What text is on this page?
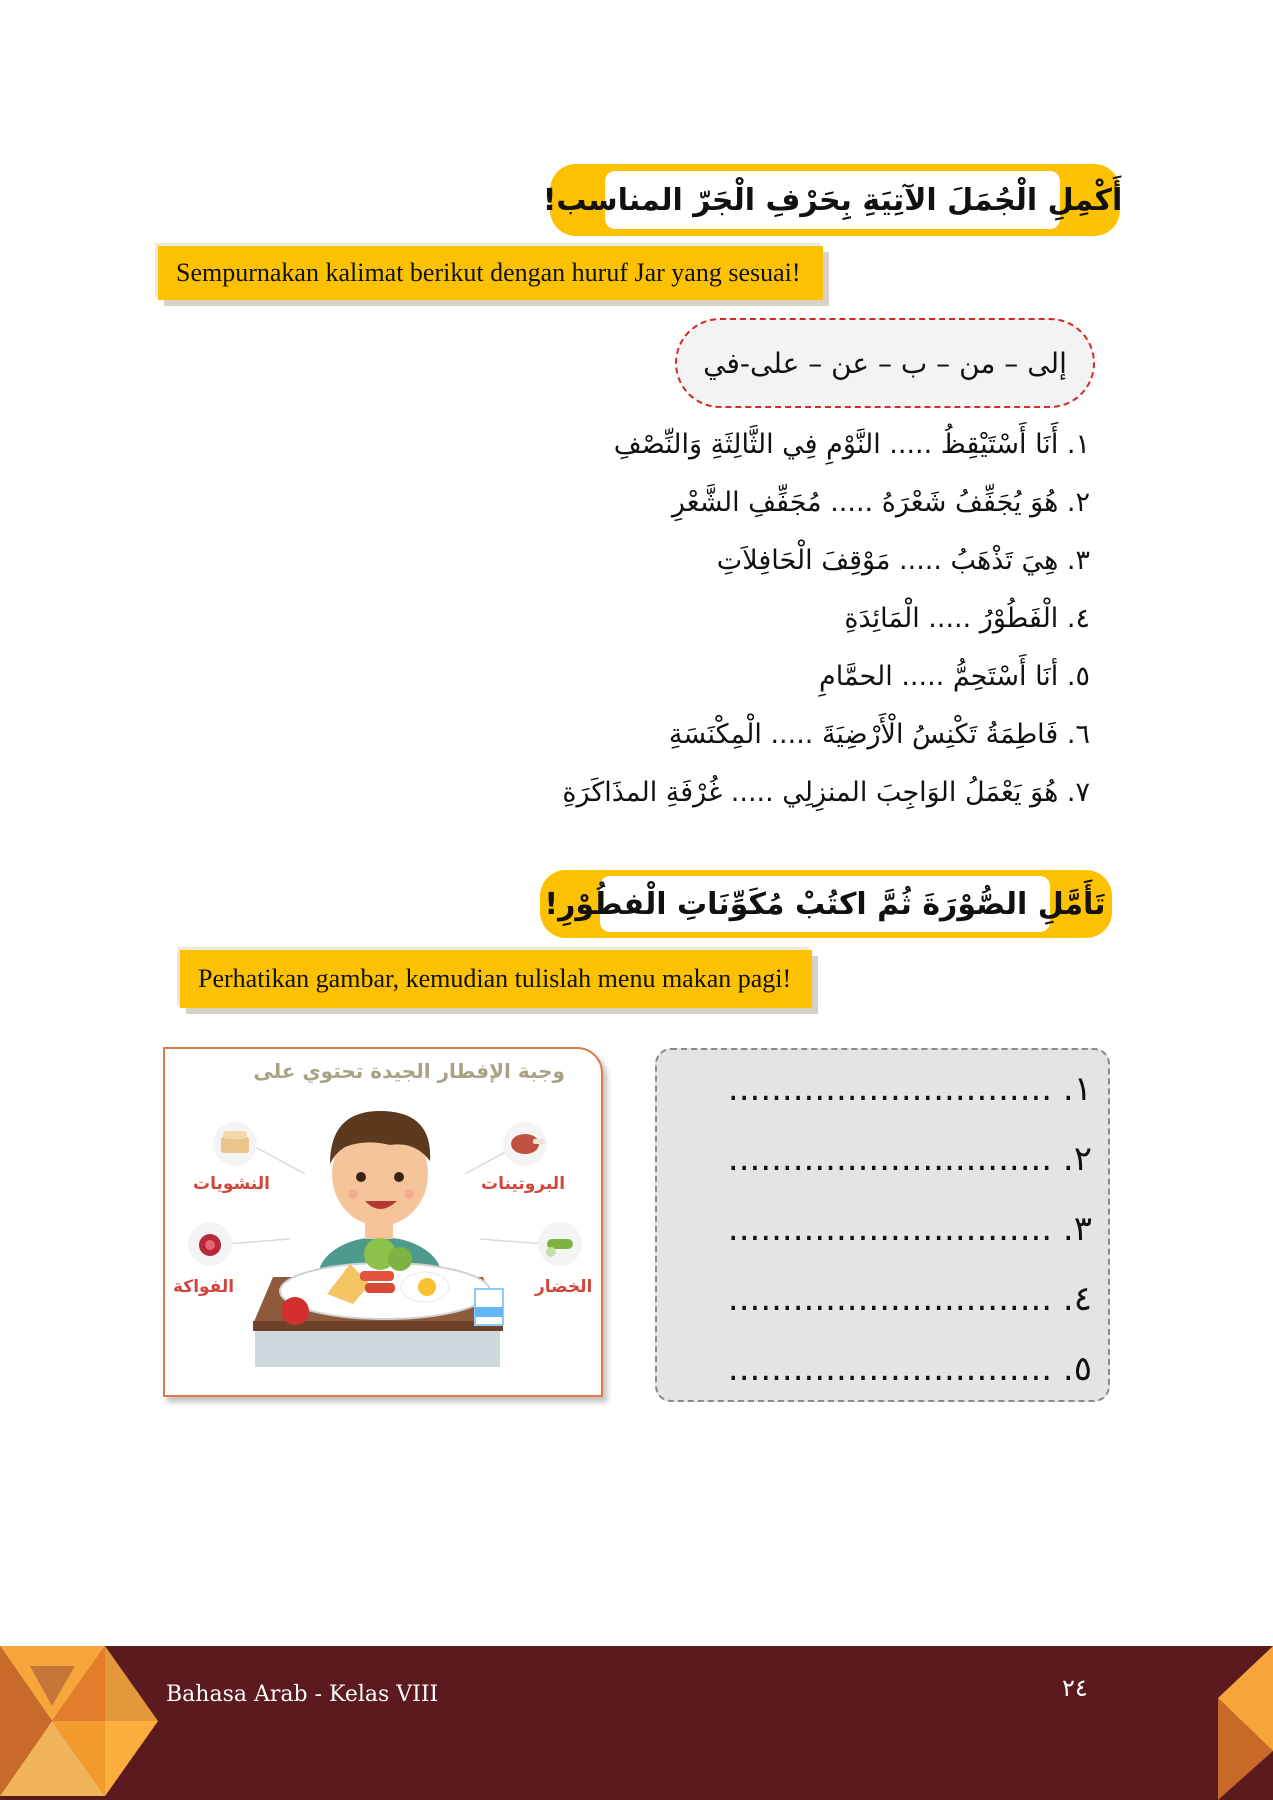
أَكْمِلِ الْجُمَلَ الآتِيَةِ بِحَرْفِ الْجَرّ المناسب!
Sempurnakan kalimat berikut dengan huruf Jar yang sesuai!
إلى – من – ب – عن – على-في
١. أَنَا أَسْتَيْقِظُ ..... النَّوْمِ فِي الثَّالِثَةِ وَالنِّصْفِ
٢. هُوَ يُجَفِّفُ شَعْرَهُ ..... مُجَفِّفِ الشَّعْرِ
٣. هِيَ تَذْهَبُ ..... مَوْقِفَ الْحَافِلاَتِ
٤. الْفَطُوْرُ ..... الْمَائِدَةِ
٥. أنَا أَسْتَحِمُّ ..... الحمَّامِ
٦. فَاطِمَةُ تَكْنِسُ الْأَرْضِيَةَ ..... الْمِكْنَسَةِ
٧. هُوَ يَعْمَلُ الوَاجِبَ المنزِلِي ..... غُرْفَةِ المذَاكَرَةِ
تَأَمَّلِ الصُّوْرَةَ ثُمَّ اكتُبْ مُكَوِّنَاتِ الْفطُوْرِ!
Perhatikan gambar, kemudian tulislah menu makan pagi!
وجبة الإفطار الجيدة تحتوي على
النشويات	البروتينات
الفواكة	الخضار
١. ..............................
٢. ..............................
٣. ..............................
٤. ..............................
٥. ..............................
Bahasa Arab - Kelas VIII	٢٤
